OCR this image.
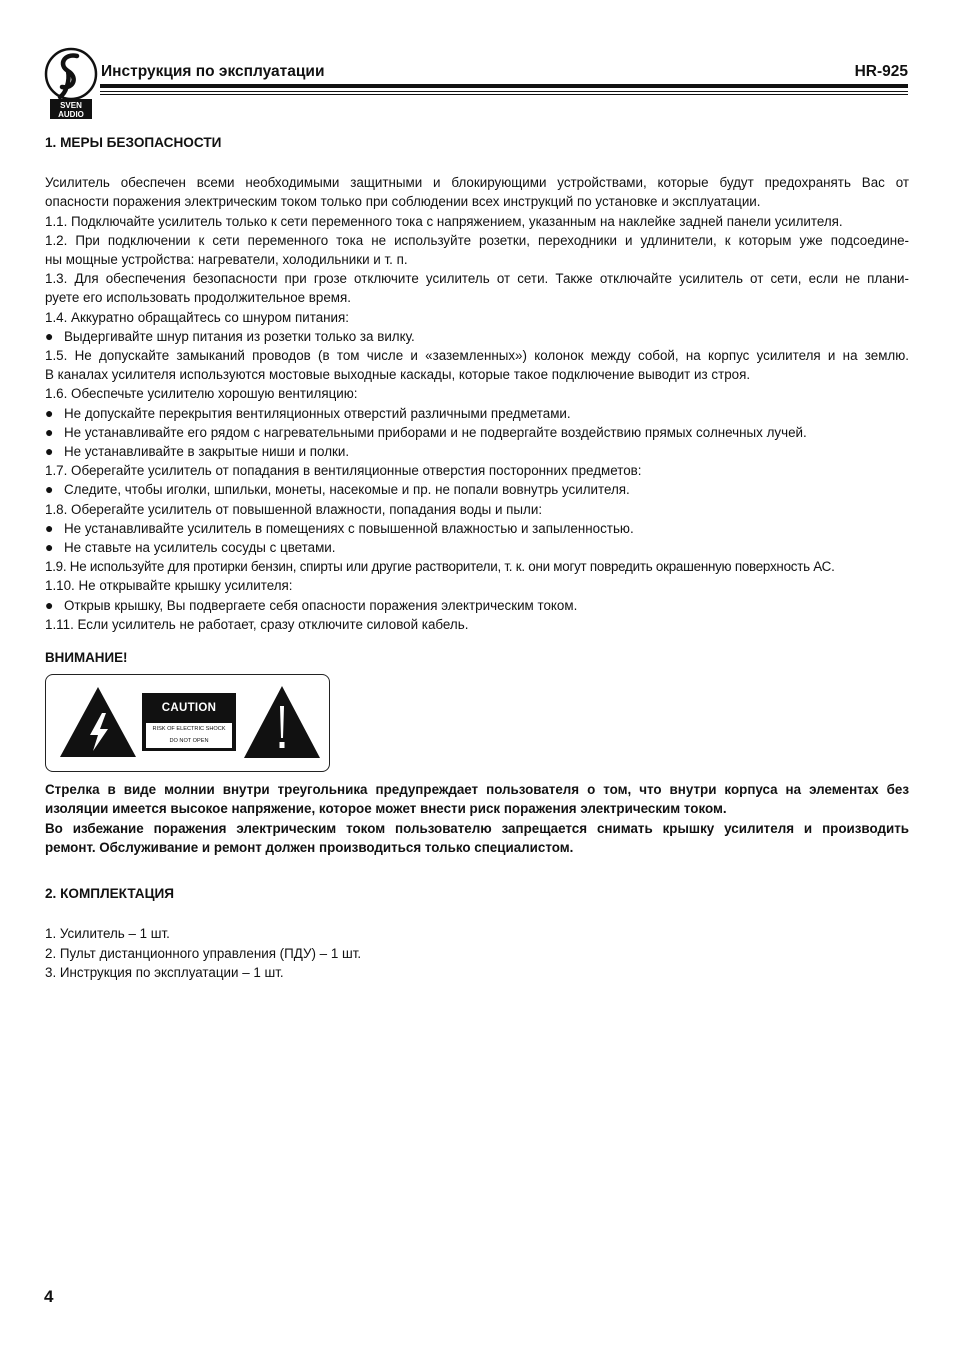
SVEN
AUDIO
Инструкция по эксплуатации	HR-925
1. МЕРЫ БЕЗОПАСНОСТИ
Усилитель обеспечен всеми необходимыми защитными и блокирующими устройствами, которые будут предохранять Вас от
опасности поражения электрическим током только при соблюдении всех инструкций по установке и эксплуатации.
1.1. Подключайте усилитель только к сети переменного тока с напряжением, указанным на наклейке задней панели усилителя.
1.2. При подключении к сети переменного тока не используйте розетки, переходники и удлинители, к которым уже подсоедине-
ны мощные устройства: нагреватели, холодильники и т. п.
1.3. Для обеспечения безопасности при грозе отключите усилитель от сети. Также отключайте усилитель от сети, если не плани-
руете его использовать продолжительное время.
1.4. Аккуратно обращайтесь со шнуром питания:
● Выдергивайте шнур питания из розетки только за вилку.
1.5. Не допускайте замыканий проводов (в том числе и «заземленных») колонок между собой, на корпус усилителя и на землю.
В каналах усилителя используются мостовые выходные каскады, которые такое подключение выводит из строя.
1.6. Обеспечьте усилителю хорошую вентиляцию:
● Не допускайте перекрытия вентиляционных отверстий различными предметами.
● Не устанавливайте его рядом с нагревательными приборами и не подвергайте воздействию прямых солнечных лучей.
● Не устанавливайте в закрытые ниши и полки.
1.7. Оберегайте усилитель от попадания в вентиляционные отверстия посторонних предметов:
● Следите, чтобы иголки, шпильки, монеты, насекомые и пр. не попали вовнутрь усилителя.
1.8. Оберегайте усилитель от повышенной влажности, попадания воды и пыли:
● Не устанавливайте усилитель в помещениях с повышенной влажностью и запыленностью.
● Не ставьте на усилитель сосуды с цветами.
1.9. Не используйте для протирки бензин, спирты или другие растворители, т. к. они могут повредить окрашенную поверхность АС.
1.10. Не открывайте крышку усилителя:
● Открыв крышку, Вы подвергаете себя опасности поражения электрическим током.
1.11. Если усилитель не работает, сразу отключите силовой кабель.
ВНИМАНИЕ!
CAUTION
RISK OF ELECTRIC SHOCK
DO NOT OPEN
Стрелка в виде молнии внутри треугольника предупреждает пользователя о том, что внутри корпуса на элементах без
изоляции имеется высокое напряжение, которое может внести риск поражения электрическим током.
Во избежание поражения электрическим током пользователю запрещается снимать крышку усилителя и производить
ремонт. Обслуживание и ремонт должен производиться только специалистом.
2. КОМПЛЕКТАЦИЯ
1. Усилитель – 1 шт.
2. Пульт дистанционного управления (ПДУ) – 1 шт.
3. Инструкция по эксплуатации – 1 шт.
4
